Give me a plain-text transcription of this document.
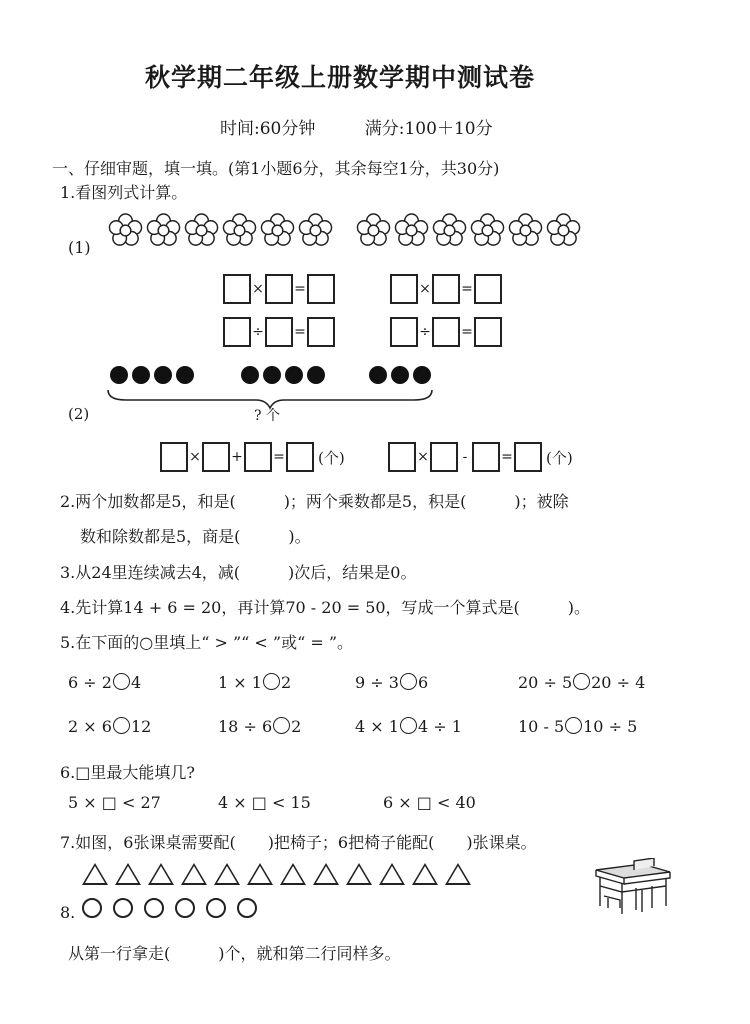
秋学期二年级上册数学期中测试卷
时间:60分钟	满分:100＋10分
一、仔细审题，填一填。(第1小题6分，其余每空1分，共30分)
1.看图列式计算。
(1)
× =	× =
÷ =	÷ =
(2)	? 个
× + = (个)	×	-	= (个)
2.两个加数都是5，和是(　　　)；两个乘数都是5，积是(　　　)；被除
数和除数都是5，商是(　　　)。
3.从24里连续减去4，减(　　　)次后，结果是0。
4.先计算14 + 6 = 20，再计算70 - 20 = 50，写成一个算式是(　　　)。
5.在下面的○里填上“ > ”“ < ”或“ = ”。
6 ÷ 2 4	1 × 1 2	9 ÷ 3 6	20 ÷ 5 20 ÷ 4
2 × 6 12	18 ÷ 6 2	4 × 1 4 ÷ 1	10 - 5 10 ÷ 5
6.□里最大能填几?
5 × □ < 27	4 × □ < 15	6 × □ < 40
7.如图，6张课桌需要配(　　)把椅子；6把椅子能配(　　)张课桌。
8.
从第一行拿走(　　　)个，就和第二行同样多。
